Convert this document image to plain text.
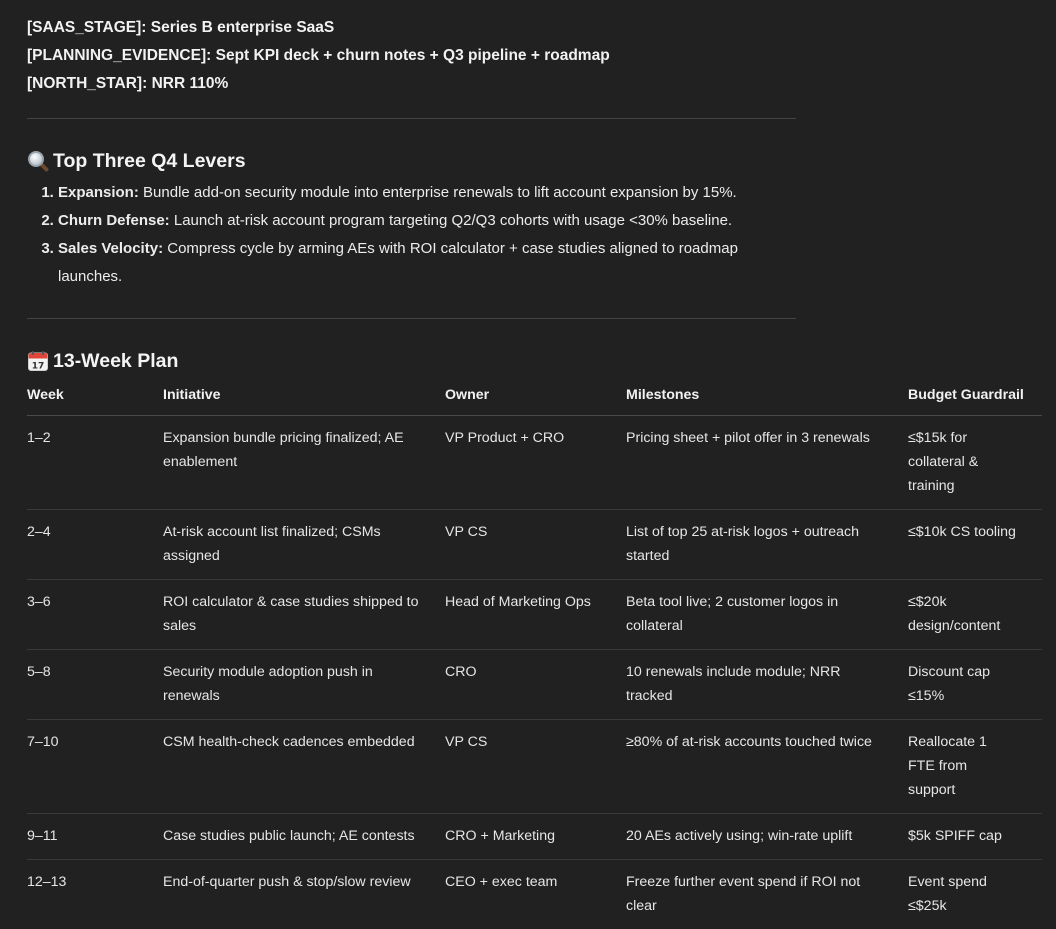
[SAAS_STAGE]: Series B enterprise SaaS
[PLANNING_EVIDENCE]: Sept KPI deck + churn notes + Q3 pipeline + roadmap
[NORTH_STAR]: NRR 110%
Top Three Q4 Levers
1. Expansion: Bundle add-on security module into enterprise renewals to lift account expansion by 15%.
2. Churn Defense: Launch at-risk account program targeting Q2/Q3 cohorts with usage <30% baseline.
3. Sales Velocity: Compress cycle by arming AEs with ROI calculator + case studies aligned to roadmap launches.
17 13-Week Plan
Week	Initiative	Owner	Milestones	Budget Guardrail
1–2	Expansion bundle pricing finalized; AE enablement	VP Product + CRO	Pricing sheet + pilot offer in 3 renewals	≤$15k for collateral & training
2–4	At-risk account list finalized; CSMs assigned	VP CS	List of top 25 at-risk logos + outreach started	≤$10k CS tooling
3–6	ROI calculator & case studies shipped to sales	Head of Marketing Ops	Beta tool live; 2 customer logos in collateral	≤$20k design/content
5–8	Security module adoption push in renewals	CRO	10 renewals include module; NRR tracked	Discount cap ≤15%
7–10	CSM health-check cadences embedded	VP CS	≥80% of at-risk accounts touched twice	Reallocate 1 FTE from support
9–11	Case studies public launch; AE contests	CRO + Marketing	20 AEs actively using; win-rate uplift	$5k SPIFF cap
12–13	End-of-quarter push & stop/slow review	CEO + exec team	Freeze further event spend if ROI not clear	Event spend ≤$25k
